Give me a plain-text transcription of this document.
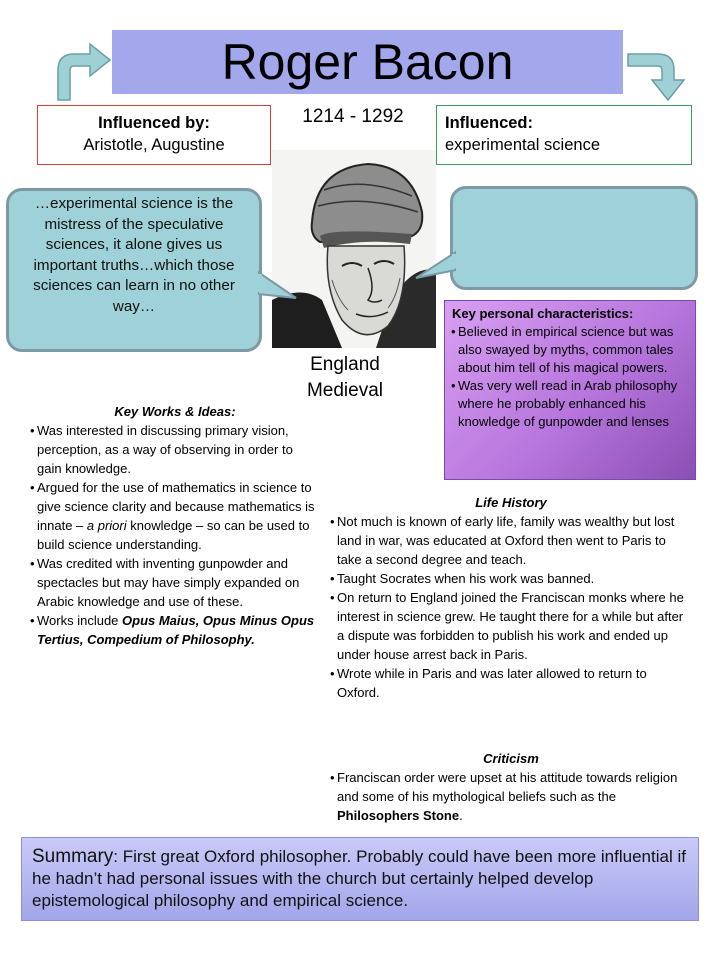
Roger Bacon
1214 - 1292
Influenced by:
Aristotle, Augustine
Influenced:
experimental science
…experimental science is the mistress of the speculative sciences, it alone gives us important truths…which those sciences can learn in no other way…
England
Medieval
Key personal characteristics:
• Believed in empirical science but was also swayed by myths, common tales about him tell of his magical powers.
• Was very well read in Arab philosophy where he probably enhanced his knowledge of gunpowder and lenses
Key Works & Ideas:
• Was interested in discussing primary vision, perception, as a way of observing in order to gain knowledge.
• Argued for the use of mathematics in science to give science clarity and because mathematics is innate – a priori knowledge – so can be used to build science understanding.
• Was credited with inventing gunpowder and spectacles but may have simply expanded on Arabic knowledge and use of these.
• Works include Opus Maius, Opus Minus Opus Tertius, Compedium of Philosophy.
Life History
• Not much is known of early life, family was wealthy but lost land in war, was educated at Oxford then went to Paris to take a second degree and teach.
• Taught Socrates when his work was banned.
• On return to England joined the Franciscan monks where he interest in science grew. He taught there for a while but after a dispute was forbidden to publish his work and ended up under house arrest back in Paris.
• Wrote while in Paris and was later allowed to return to Oxford.
Criticism
• Franciscan order were upset at his attitude towards religion and some of his mythological beliefs such as the Philosophers Stone.
Summary: First great Oxford philosopher. Probably could have been more influential if he hadn’t had personal issues with the church but certainly helped develop epistemological philosophy and empirical science.
